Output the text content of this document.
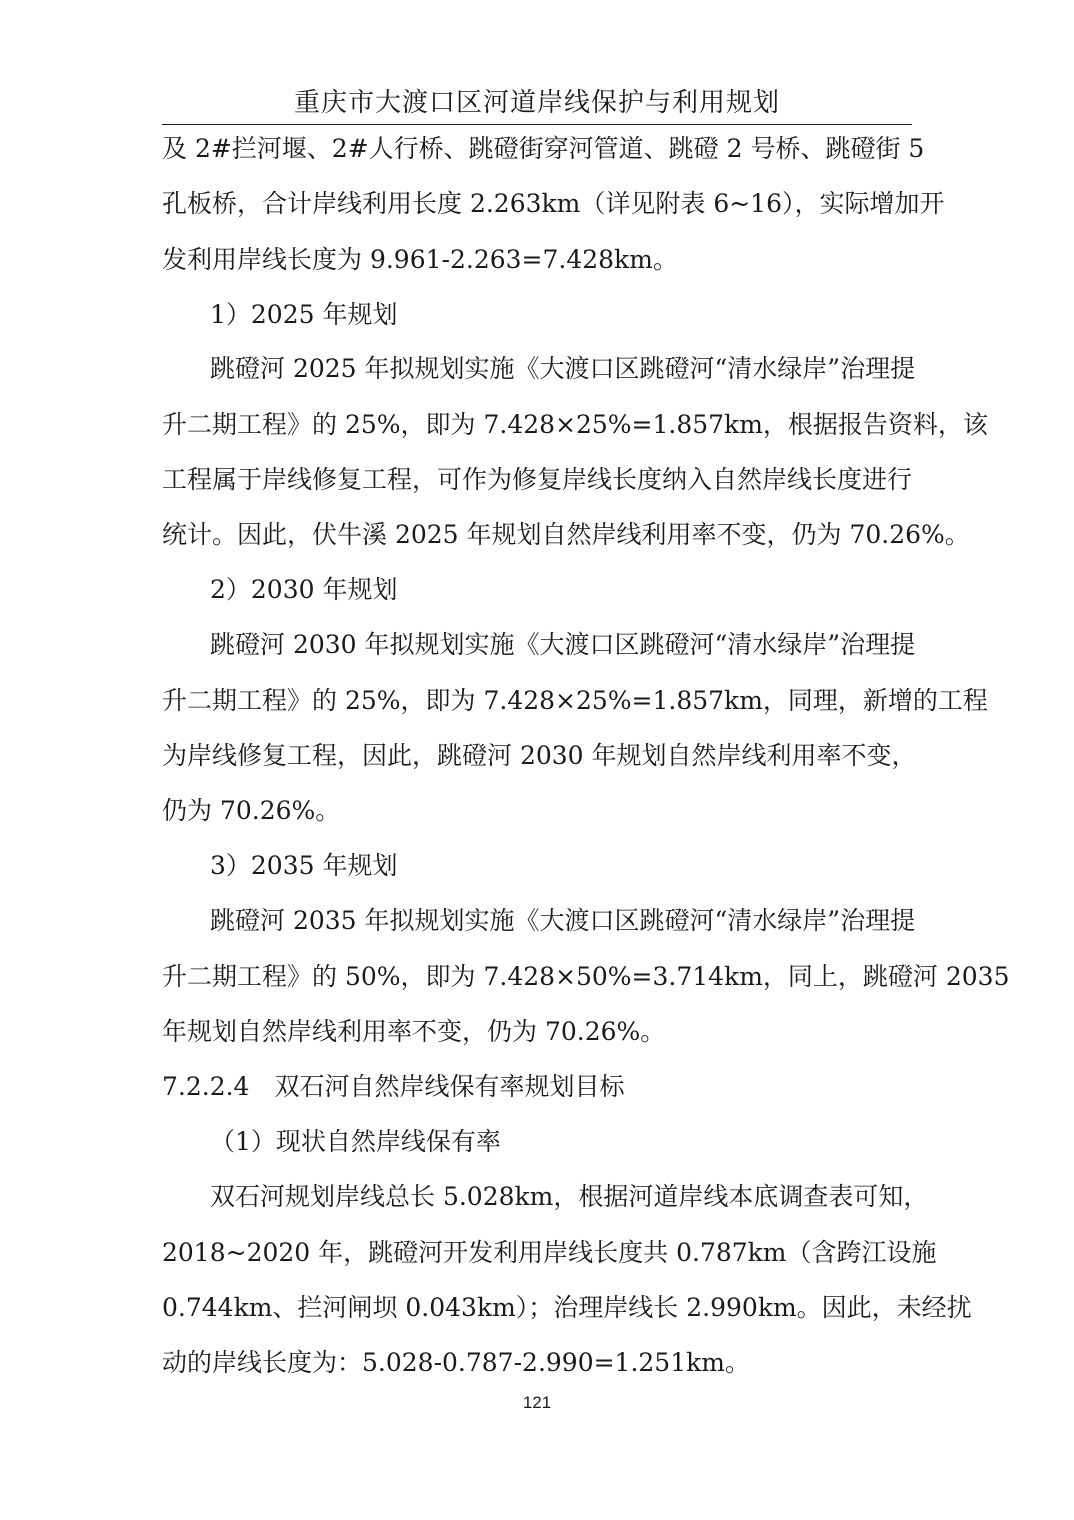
重庆市大渡口区河道岸线保护与利用规划
及 2#拦河堰、2#人行桥、跳磴街穿河管道、跳磴 2 号桥、跳磴街 5
孔板桥，合计岸线利用长度 2.263km（详见附表 6~16），实际增加开
发利用岸线长度为 9.961-2.263=7.428km。
1）2025 年规划
跳磴河 2025 年拟规划实施《大渡口区跳磴河“清水绿岸”治理提
升二期工程》的 25%，即为 7.428×25%=1.857km，根据报告资料，该
工程属于岸线修复工程，可作为修复岸线长度纳入自然岸线长度进行
统计。因此，伏牛溪 2025 年规划自然岸线利用率不变，仍为 70.26%。
2）2030 年规划
跳磴河 2030 年拟规划实施《大渡口区跳磴河“清水绿岸”治理提
升二期工程》的 25%，即为 7.428×25%=1.857km，同理，新增的工程
为岸线修复工程，因此，跳磴河 2030 年规划自然岸线利用率不变，
仍为 70.26%。
3）2035 年规划
跳磴河 2035 年拟规划实施《大渡口区跳磴河“清水绿岸”治理提
升二期工程》的 50%，即为 7.428×50%=3.714km，同上，跳磴河 2035
年规划自然岸线利用率不变，仍为 70.26%。
7.2.2.4　双石河自然岸线保有率规划目标
（1）现状自然岸线保有率
双石河规划岸线总长 5.028km，根据河道岸线本底调查表可知，
2018~2020 年，跳磴河开发利用岸线长度共 0.787km（含跨江设施
0.744km、拦河闸坝 0.043km）；治理岸线长 2.990km。因此，未经扰
动的岸线长度为：5.028-0.787-2.990=1.251km。
121
